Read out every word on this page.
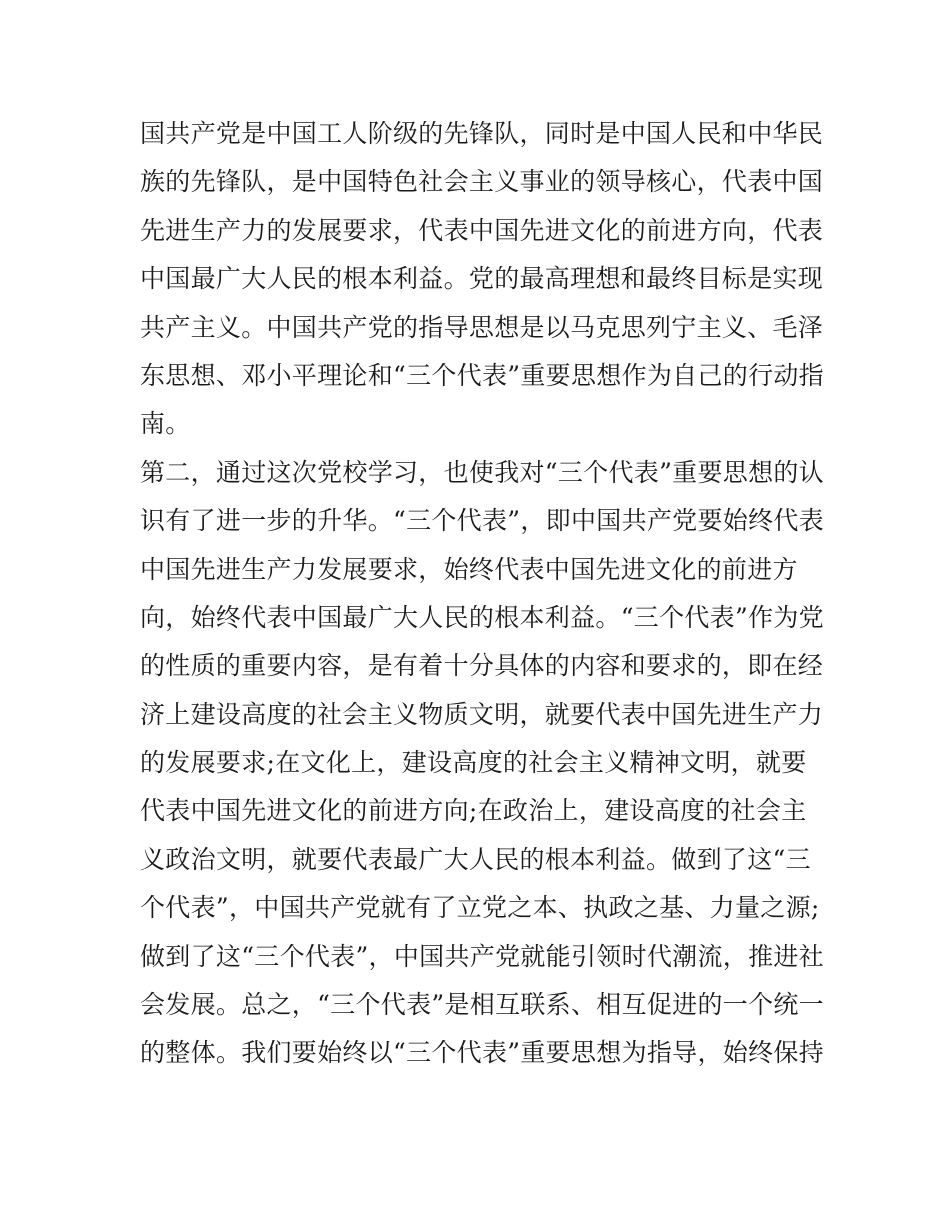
国共产党是中国工人阶级的先锋队，同时是中国人民和中华民
族的先锋队，是中国特色社会主义事业的领导核心，代表中国
先进生产力的发展要求，代表中国先进文化的前进方向，代表
中国最广大人民的根本利益。党的最高理想和最终目标是实现
共产主义。中国共产党的指导思想是以马克思列宁主义、毛泽
东思想、邓小平理论和“三个代表”重要思想作为自己的行动指
南。
第二，通过这次党校学习，也使我对“三个代表”重要思想的认
识有了进一步的升华。“三个代表”，即中国共产党要始终代表
中国先进生产力发展要求，始终代表中国先进文化的前进方
向，始终代表中国最广大人民的根本利益。“三个代表”作为党
的性质的重要内容，是有着十分具体的内容和要求的，即在经
济上建设高度的社会主义物质文明，就要代表中国先进生产力
的发展要求;在文化上，建设高度的社会主义精神文明，就要
代表中国先进文化的前进方向;在政治上，建设高度的社会主
义政治文明，就要代表最广大人民的根本利益。做到了这“三
个代表”，中国共产党就有了立党之本、执政之基、力量之源;
做到了这“三个代表”，中国共产党就能引领时代潮流，推进社
会发展。总之，“三个代表”是相互联系、相互促进的一个统一
的整体。我们要始终以“三个代表”重要思想为指导，始终保持
